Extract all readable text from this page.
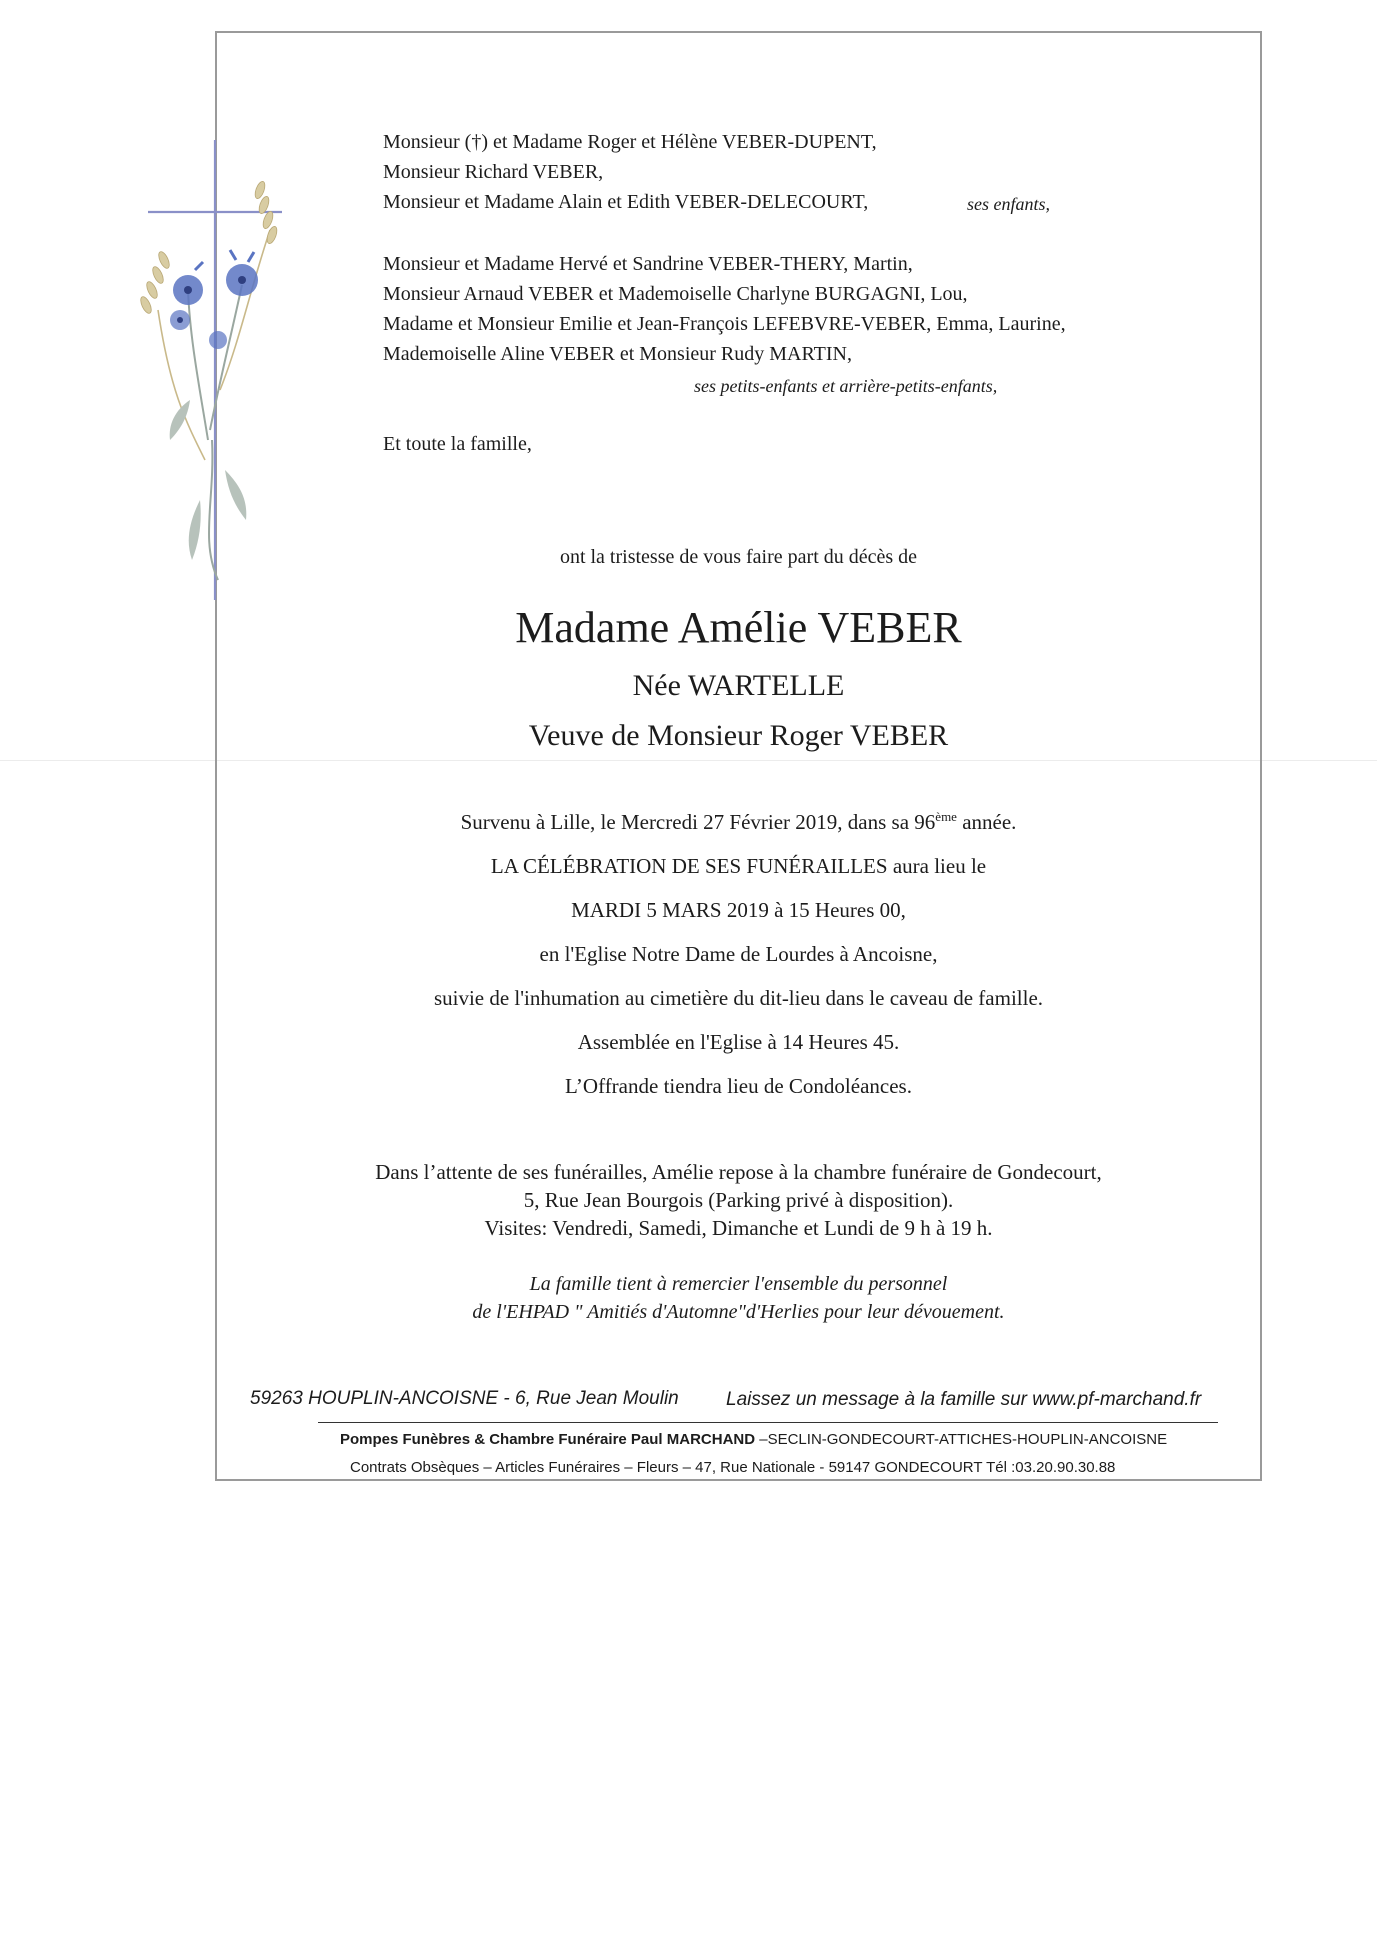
Monsieur (†) et Madame Roger et Hélène VEBER-DUPENT,
Monsieur Richard VEBER,
Monsieur et Madame Alain et Edith VEBER-DELECOURT,	ses enfants,
Monsieur et Madame Hervé et Sandrine VEBER-THERY, Martin,
Monsieur Arnaud VEBER et Mademoiselle Charlyne BURGAGNI, Lou,
Madame et Monsieur Emilie et Jean-François LEFEBVRE-VEBER, Emma, Laurine,
Mademoiselle Aline VEBER et Monsieur Rudy MARTIN,
ses petits-enfants et arrière-petits-enfants,
Et toute la famille,
ont la tristesse de vous faire part du décès de
Madame Amélie VEBER
Née WARTELLE
Veuve de Monsieur Roger VEBER
Survenu à Lille, le Mercredi 27 Février 2019, dans sa 96ème année.
LA CÉLÉBRATION DE SES FUNÉRAILLES aura lieu le
MARDI 5 MARS 2019 à 15 Heures 00,
en l'Eglise Notre Dame de Lourdes à Ancoisne,
suivie de l'inhumation au cimetière du dit-lieu dans le caveau de famille.
Assemblée en l'Eglise à 14 Heures 45.
L’Offrande tiendra lieu de Condoléances.
Dans l’attente de ses funérailles, Amélie repose à la chambre funéraire de Gondecourt,
5, Rue Jean Bourgois (Parking privé à disposition).
Visites: Vendredi, Samedi, Dimanche et Lundi de 9 h à 19 h.
La famille tient à remercier l'ensemble du personnel
de l'EHPAD " Amitiés d'Automne"d'Herlies pour leur dévouement.
59263 HOUPLIN-ANCOISNE - 6, Rue Jean Moulin Laissez un message à la famille sur www.pf-marchand.fr
Pompes Funèbres & Chambre Funéraire Paul MARCHAND –SECLIN-GONDECOURT-ATTICHES-HOUPLIN-ANCOISNE
Contrats Obsèques – Articles Funéraires – Fleurs – 47, Rue Nationale - 59147 GONDECOURT Tél :03.20.90.30.88
